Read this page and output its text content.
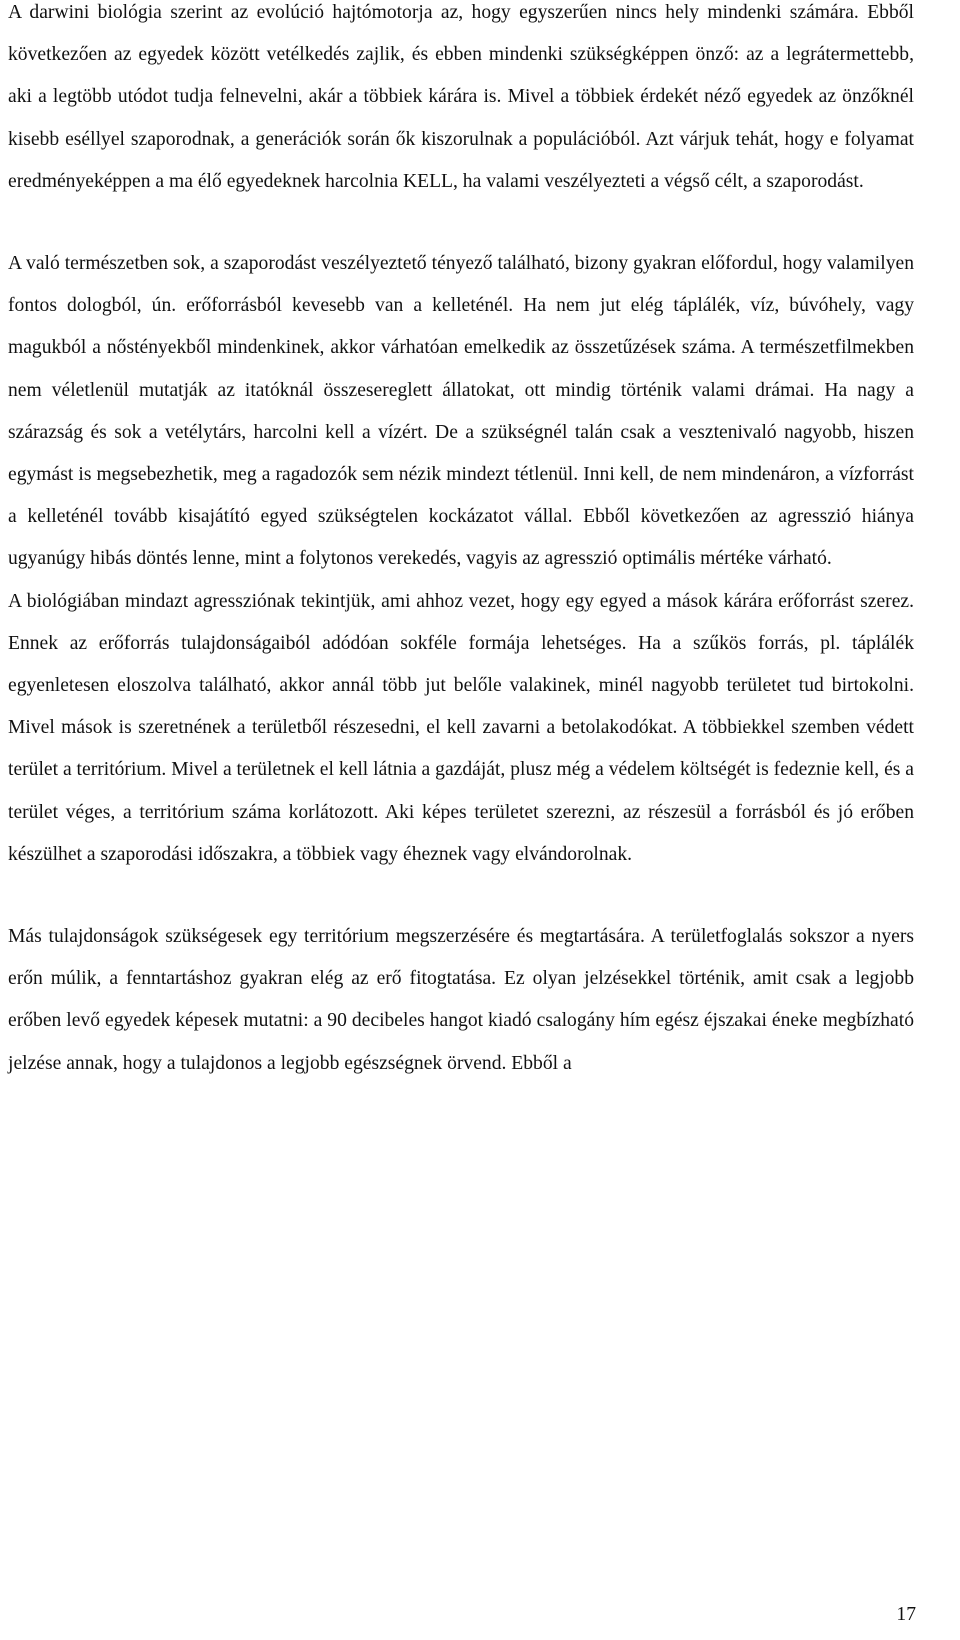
A darwini biológia szerint az evolúció hajtómotorja az, hogy egyszerűen nincs hely mindenki számára. Ebből következően az egyedek között vetélkedés zajlik, és ebben mindenki szükségképpen önző: az a legrátermettebb, aki a legtöbb utódot tudja felnevelni, akár a többiek kárára is. Mivel a többiek érdekét néző egyedek az önzőknél kisebb eséllyel szaporodnak, a generációk során ők kiszorulnak a populációból. Azt várjuk tehát, hogy e folyamat eredményeképpen a ma élő egyedeknek harcolnia KELL, ha valami veszélyezteti a végső célt, a szaporodást.

A való természetben sok, a szaporodást veszélyeztető tényező található, bizony gyakran előfordul, hogy valamilyen fontos dologból, ún. erőforrásból kevesebb van a kelleténél. Ha nem jut elég táplálék, víz, búvóhely, vagy magukból a nőstényekből mindenkinek, akkor várhatóan emelkedik az összetűzések száma. A természetfilmekben nem véletlenül mutatják az itatóknál összesereglett állatokat, ott mindig történik valami drámai. Ha nagy a szárazság és sok a vetélytárs, harcolni kell a vízért. De a szükségnél talán csak a vesztenivaló nagyobb, hiszen egymást is megsebezhetik, meg a ragadozók sem nézik mindezt tétlenül. Inni kell, de nem mindenáron, a vízforrást a kelleténél tovább kisajátító egyed szükségtelen kockázatot vállal. Ebből következően az agresszió hiánya ugyanúgy hibás döntés lenne, mint a folytonos verekedés, vagyis az agresszió optimális mértéke várható.

A biológiában mindazt agressziónak tekintjük, ami ahhoz vezet, hogy egy egyed a mások kárára erőforrást szerez. Ennek az erőforrás tulajdonságaiból adódóan sokféle formája lehetséges. Ha a szűkös forrás, pl. táplálék egyenletesen eloszolva található, akkor annál több jut belőle valakinek, minél nagyobb területet tud birtokolni. Mivel mások is szeretnének a területből részesedni, el kell zavarni a betolakodókat. A többiekkel szemben védett terület a territórium. Mivel a területnek el kell látnia a gazdáját, plusz még a védelem költségét is fedeznie kell, és a terület véges, a territórium száma korlátozott. Aki képes területet szerezni, az részesül a forrásból és jó erőben készülhet a szaporodási időszakra, a többiek vagy éheznek vagy elvándorolnak.

Más tulajdonságok szükségesek egy territórium megszerzésére és megtartására. A területfoglalás sokszor a nyers erőn múlik, a fenntartáshoz gyakran elég az erő fitogtatása. Ez olyan jelzésekkel történik, amit csak a legjobb erőben levő egyedek képesek mutatni: a 90 decibeles hangot kiadó csalogány hím egész éjszakai éneke megbízható jelzése annak, hogy a tulajdonos a legjobb egészségnek örvend. Ebből a

17
